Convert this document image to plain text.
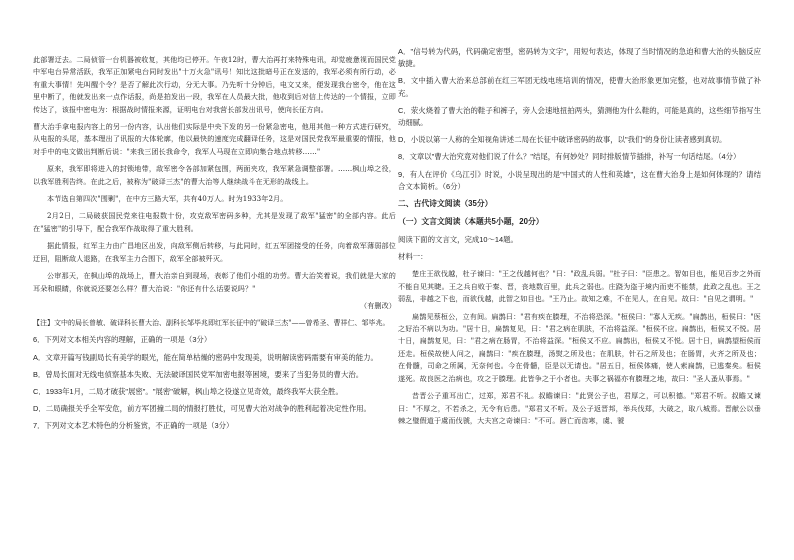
此部署迂去。二局侦管一台机器被收复，其他均已停开。午夜12时，曹大治再打来特殊电讯，却觉疲惫视而国民党中军电台异常活跃，我军正加紧电台同时发出"十万火急"讯号！知比这批暗号正在发送的，我军必须有所行动，必有重大事情！先叫醒个令？是否了解此次行动，分无大事。乃先听十分钟后，电文又来，便发现我台密令，他在这里中断了，他就发出来一点作话报，尚是拍发出一段，我军在人员最大批，他收到后对信上传达的一个情报，立即传达了，该报中密电为：根据战时情报来源，证明电台对我营长部发出讯号，使向长征方向。

曹大治手拿电报内容上的另一份内容，认出他们实际是中央下发的另一份紧急密电，他用其他一种方式进行研究，从电报的头尾，基本理出了讯报的大体轮廓，他以最快的速度完成翻译任务，这是对国民党我军最重要的情报，他对手中的电文做出判断后说："来我三团长我命令，我军人马现在立即向集合地点转移……"

原来，我军即将进入的封锁地带，敌军密令各部加紧包围，两面夹攻，我军紧急调整部署。……枫山埠之役，以我军胜利告终。在此之后，被称为"破译三杰"的曹大治等人继续战斗在无形的战线上。

本节选自第四次"围剿"，在中方三路大军，共有40万人。时为1933年2月。

2月2日，二局破获国民党来往电报数十份，攻克敌军密码多种，尤其是发现了敌军"猛密"的全部内容。此后在"猛密"的引导下，配合我军作战取得了重大胜利。

据此情报，红军主力由广昌地区出发，向敌军侧后转移，与此同时，红五军团接受的任务，向着敌军薄弱部位迂回，阻断敌人退路，在我军主力合围下，敌军全部被歼灭。

公审那天，在枫山埠的战场上，曹大治亲自到现场，表彰了他们小组的功劳。曹大治笑着说，我们就是大家的耳朵和眼睛，你就说还要怎么样？曹大治说："你还有什么话要说吗？"

（有删改）

【注】文中的局长曾敏、破译科长曹大治、副科长邹毕兆即红军长征中的"破译三杰"——曾希圣、曹祥仁、邹毕兆。

6．下列对文本相关内容的理解，正确的一项是（3分）

A．文章开篇写钱副局长有美学的眼光，能在简单枯燥的密码中发现美，说明解读密码需要有审美的能力。

B．曾局长面对无线电侦察基本失败、无法破译国民党军加密电报等困境，要来了当犯务员的曹大治。

C．1933年1月，二局才破获"展密"。"展密"破解，枫山埠之役遂立见奇效，最终我军大获全胜。

D．二局确报关乎全军安危，前方军团撞二局的情报打胜仗，可见曹大治对战争的胜利起着决定性作用。

7．下列对文本艺术特色的分析鉴赏，不正确的一项是（3分）

A．"信号转为代码，代码确定密型，密码转为文字"，用短句表达，体现了当时情况的急迫和曹大治的头脑反应敏捷。

B．文中插入曹大治来总部前在红三军团无线电班培训的情况，使曹大治形象更加完整，也对故事情节做了补充。

C．荥火烧着了曹大治的鞋子和裤子，旁人会速地扭拍两头，猜测他为什么鞋的，可能是真的，这些细节指写生动细腻。

D．小说以第一人称的全知视角讲述二局在长征中破译密码的故事，以"我们"的身份让读者感到真切。

8．文章以"曹大治究竟对他们说了什么？"结尾，有何妙处？同时排版情节插排，补写一句话结尾。（4分）

9．有人在评价《乌江引》时说，小说呈现出的是"中国式的人性和英雄"，这在曹大治身上是如何体现的？请结合文本简析。（6分）

二、古代诗文阅读（35分）
（一）文言文阅读（本题共5小题，20分）

阅读下面的文言文，完成10～14题。

材料一：

楚庄王欲伐越，杜子谏曰："王之伐越何也？"曰："政乱兵弱。"杜子曰："臣患之。智如目也，能见百步之外而不能自见其睫。王之兵自败于秦、晋，丧地数百里，此兵之弱也。庄跷为盗于境内而吏不能禁，此政之乱也。王之弱乱，非越之下也，而欲伐越，此智之如目也。"王乃止。故知之难，不在见人，在自见。故曰："自见之谓明。"

扁鹊见蔡桓公，立有间。扁鹊曰："君有疾在腠理，不治将恐深。"桓侯曰："寡人无疾。"扁鹊出，桓侯曰："医之好治不病以为功。"居十日，扁鹊复见，曰："君之病在肌肤，不治将益深。"桓侯不应。扁鹊出，桓侯又不悦。居十日，扁鹊复见，曰："君之病在肠胃，不治将益深。"桓侯又不应。扁鹊出，桓侯又不悦。居十日，扁鹊望桓侯而还走。桓侯故使人问之，扁鹊曰："疾在腠理，汤熨之所及也；在肌肤，针石之所及也；在肠胃，火齐之所及也；在骨髓，司命之所属，无奈何也。今在骨髓，臣是以无请也。"居五日，桓侯体痛，使人索扁鹊，已逃秦矣。桓侯遂死。故良医之治病也，攻之于腠理。此皆争之于小者也。夫事之祸福亦有腠理之地，故曰："圣人蚤从事焉。"

昔晋公子重耳出亡，过郑，郑君不礼。叔瞻谏曰："此贤公子也，君厚之，可以积德。"郑君不听。叔瞻又谏曰："不厚之，不若杀之，无令有后患。"郑君又不听。及公子返晋邦，举兵伐郑，大破之，取八城焉。晋献公以垂棘之璧假道于虞而伐虢，大夫宫之奇谏曰："不可。唇亡而齿寒，虞、虢
